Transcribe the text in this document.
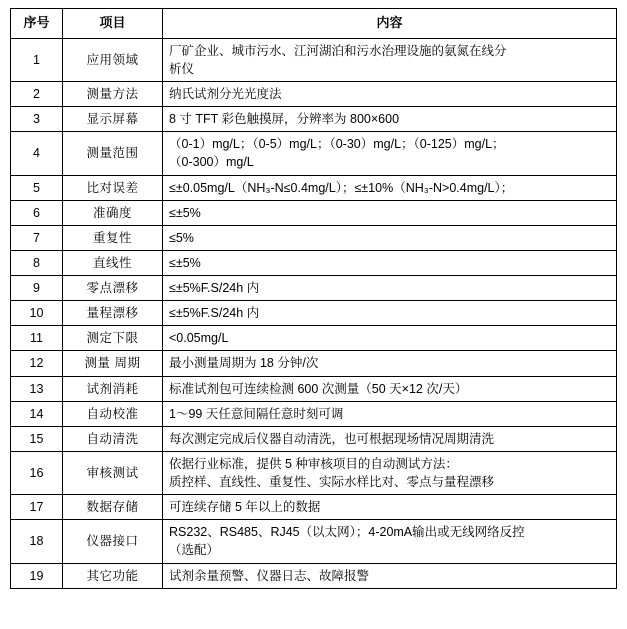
序号	项目	内容
1	应用领域	厂矿企业、城市污水、江河湖泊和污水治理设施的氨氮在线分
析仪

2	测量方法	纳氏试剂分光光度法

3	显示屏幕	8 寸 TFT 彩色触摸屏，分辨率为 800×600

4	测量范围	（0-1）mg/L；（0-5）mg/L；（0-30）mg/L；（0-125）mg/L；
（0-300）mg/L

5	比对误差	≤±0.05mg/L（NH₃-N≤0.4mg/L）；≤±10%（NH₃-N>0.4mg/L）；

6	准确度	≤±5%

7	重复性	≤5%

8	直线性	≤±5%

9	零点漂移	≤±5%F.S/24h 内

10	量程漂移	≤±5%F.S/24h 内

11	测定下限	<0.05mg/L

12	测量 周期	最小测量周期为 18 分钟/次

13	试剂消耗	标准试剂包可连续检测 600 次测量（50 天×12 次/天）

14	自动校准	1～99 天任意间隔任意时刻可调

15	自动清洗	每次测定完成后仪器自动清洗，也可根据现场情况周期清洗

16	审核测试	依据行业标准，提供 5 种审核项目的自动测试方法：
质控样、直线性、重复性、实际水样比对、零点与量程漂移

17	数据存储	可连续存储 5 年以上的数据

18	仪器接口	RS232、RS485、RJ45（以太网）；4-20mA输出或无线网络反控
（选配）

19	其它功能	试剂余量预警、仪器日志、故障报警
